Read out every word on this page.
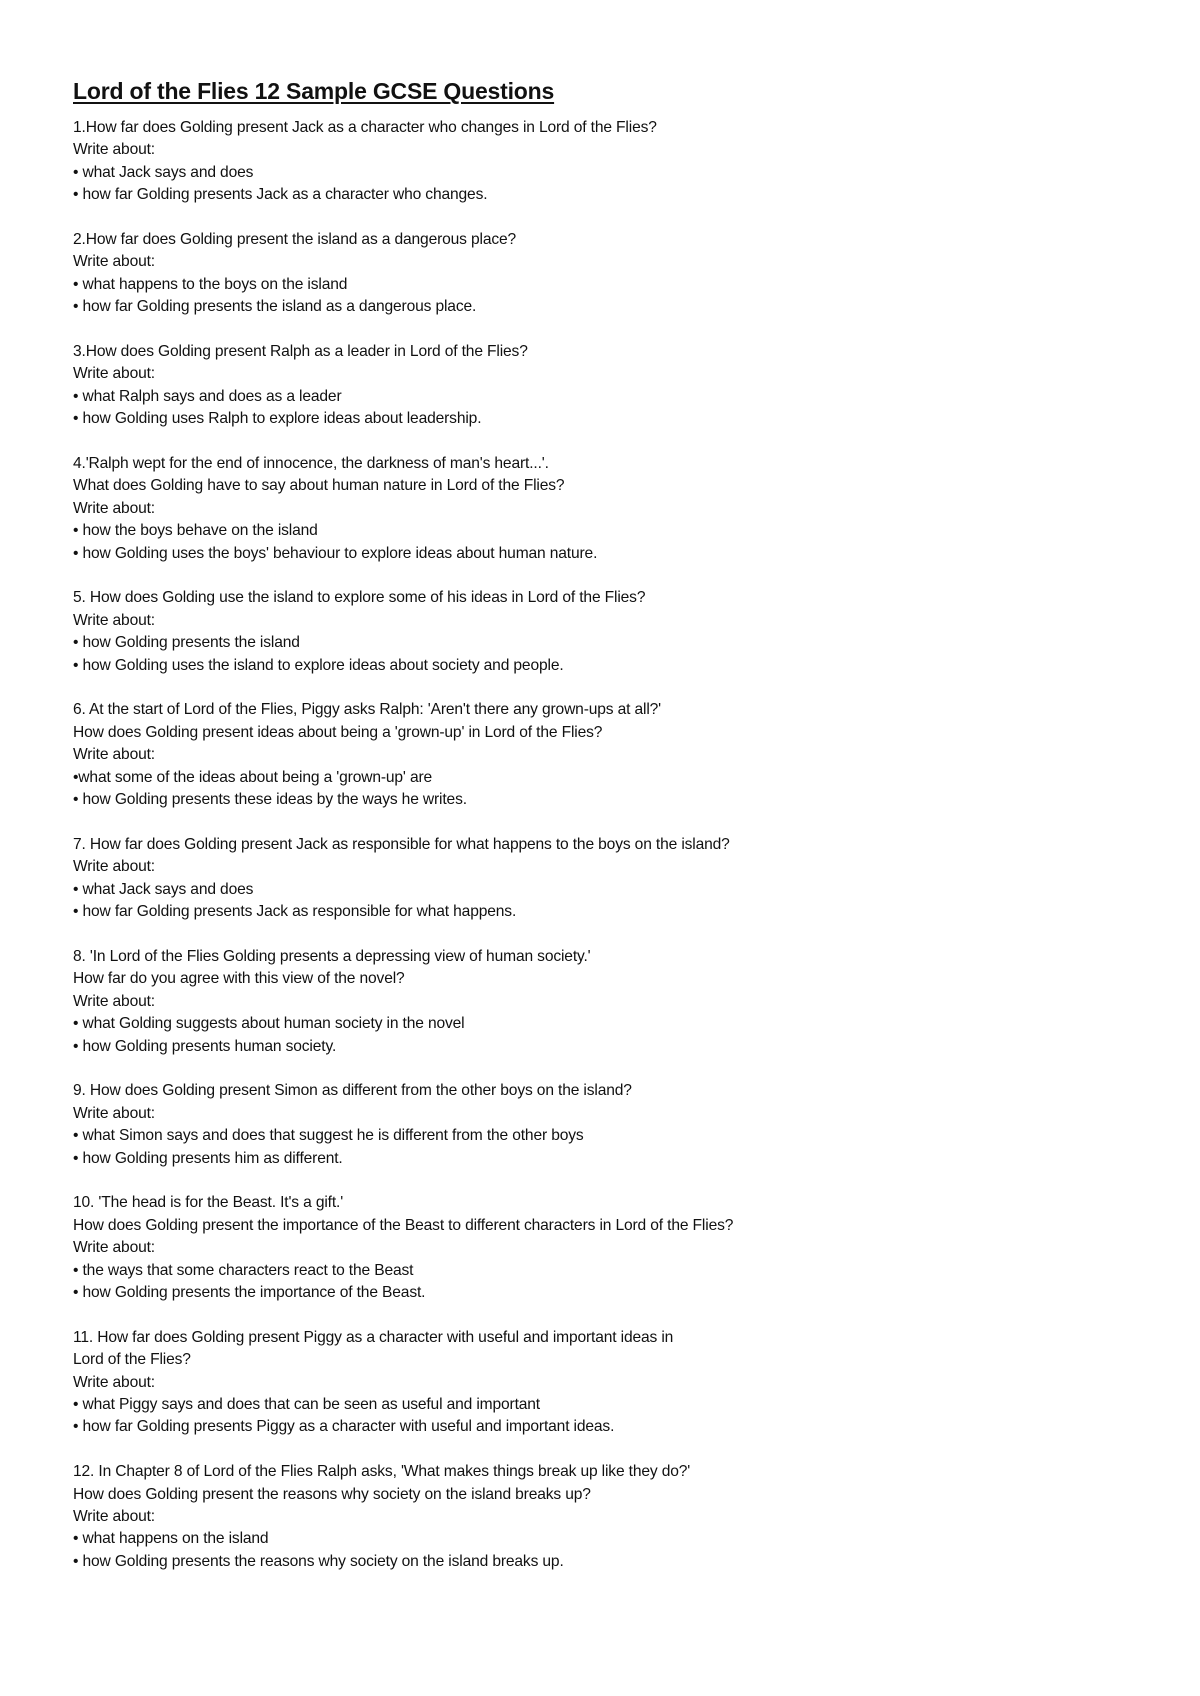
Lord of the Flies 12 Sample GCSE Questions
1.How far does Golding present Jack as a character who changes in Lord of the Flies?
Write about:
• what Jack says and does
• how far Golding presents Jack as a character who changes.
2.How far does Golding present the island as a dangerous place?
Write about:
• what happens to the boys on the island
• how far Golding presents the island as a dangerous place.
3.How does Golding present Ralph as a leader in Lord of the Flies?
Write about:
• what Ralph says and does as a leader
• how Golding uses Ralph to explore ideas about leadership.
4.'Ralph wept for the end of innocence, the darkness of man's heart...'.
What does Golding have to say about human nature in Lord of the Flies?
Write about:
• how the boys behave on the island
• how Golding uses the boys' behaviour to explore ideas about human nature.
5. How does Golding use the island to explore some of his ideas in Lord of the Flies?
Write about:
• how Golding presents the island
• how Golding uses the island to explore ideas about society and people.
6. At the start of Lord of the Flies, Piggy asks Ralph: 'Aren't there any grown-ups at all?'
How does Golding present ideas about being a 'grown-up' in Lord of the Flies?
Write about:
•what some of the ideas about being a 'grown-up' are
• how Golding presents these ideas by the ways he writes.
7. How far does Golding present Jack as responsible for what happens to the boys on the island?
Write about:
• what Jack says and does
• how far Golding presents Jack as responsible for what happens.
8. 'In Lord of the Flies Golding presents a depressing view of human society.'
How far do you agree with this view of the novel?
Write about:
• what Golding suggests about human society in the novel
• how Golding presents human society.
9. How does Golding present Simon as different from the other boys on the island?
Write about:
• what Simon says and does that suggest he is different from the other boys
• how Golding presents him as different.
10. 'The head is for the Beast. It's a gift.'
How does Golding present the importance of the Beast to different characters in Lord of the Flies?
Write about:
• the ways that some characters react to the Beast
• how Golding presents the importance of the Beast.
11. How far does Golding present Piggy as a character with useful and important ideas in
Lord of the Flies?
Write about:
• what Piggy says and does that can be seen as useful and important
• how far Golding presents Piggy as a character with useful and important ideas.
12. In Chapter 8 of Lord of the Flies Ralph asks, 'What makes things break up like they do?'
How does Golding present the reasons why society on the island breaks up?
Write about:
• what happens on the island
• how Golding presents the reasons why society on the island breaks up.
